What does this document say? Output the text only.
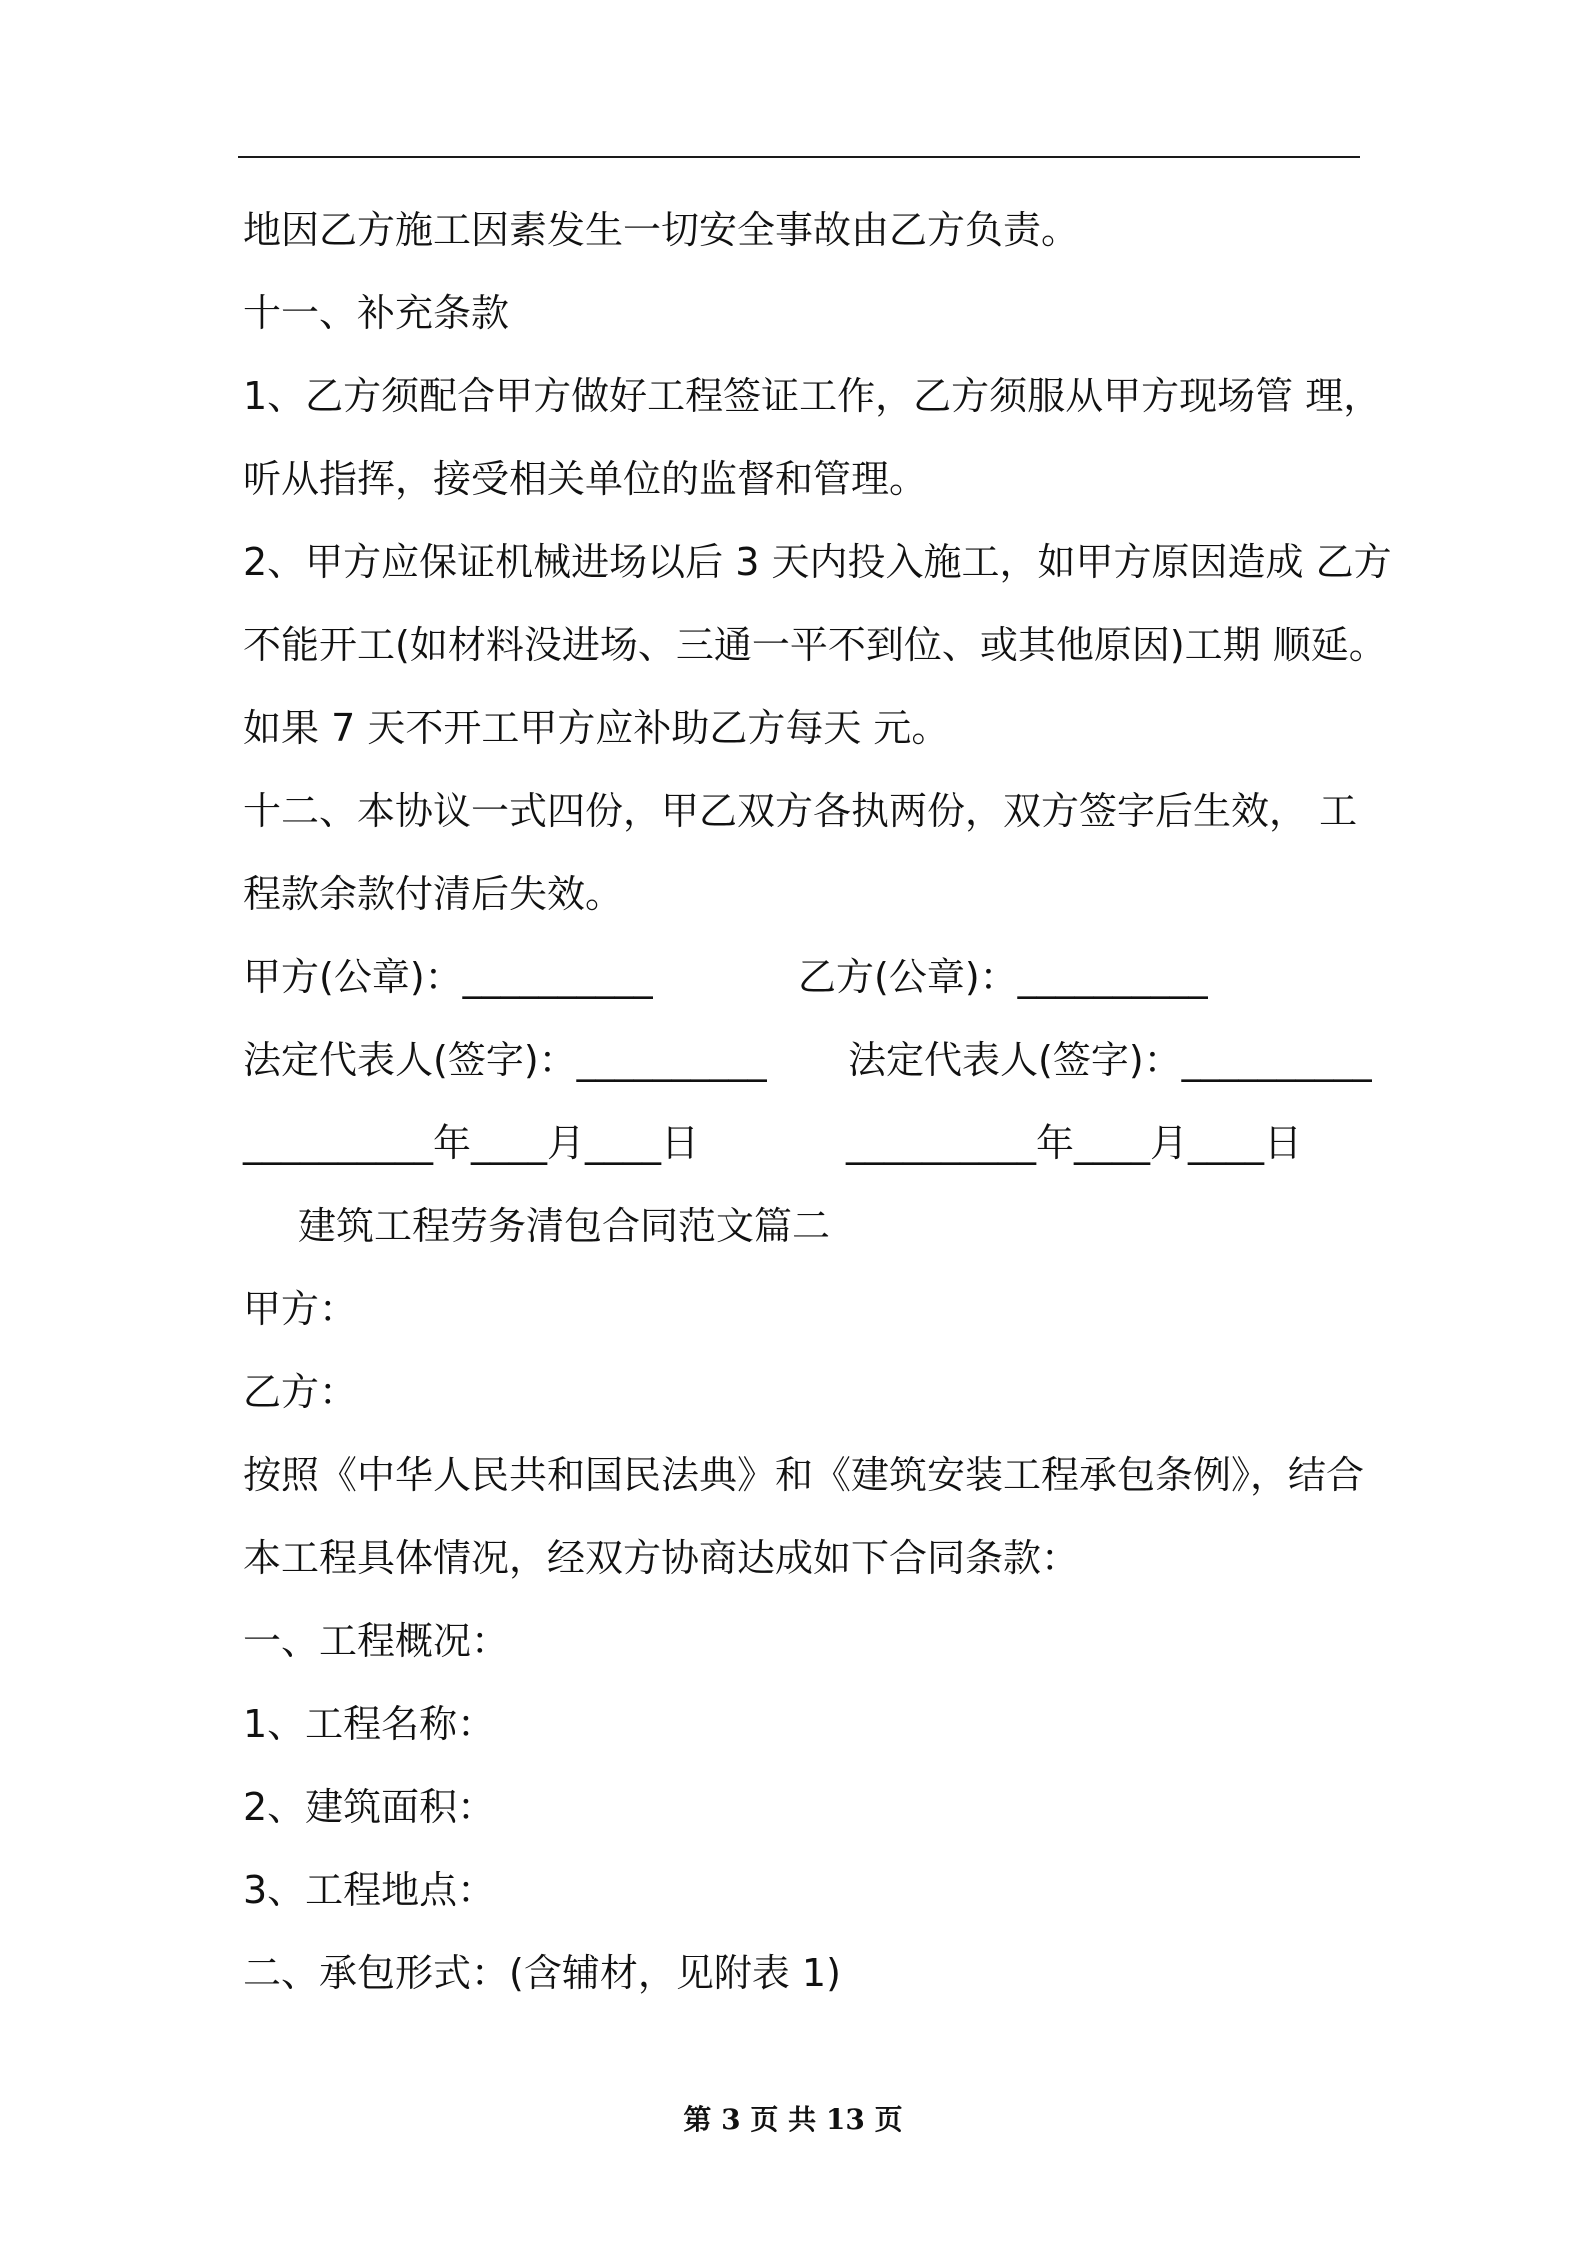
地因乙方施工因素发生一切安全事故由乙方负责。
十一、补充条款
1、乙方须配合甲方做好工程签证工作，乙方须服从甲方现场管 理，
听从指挥，接受相关单位的监督和管理。
2、甲方应保证机械进场以后 3 天内投入施工，如甲方原因造成 乙方
不能开工(如材料没进场、三通一平不到位、或其他原因)工期 顺延。
如果 7 天不开工甲方应补助乙方每天 元。
十二、本协议一式四份，甲乙双方各执两份，双方签字后生效， 工
程款余款付清后失效。
甲方(公章)：__________	乙方(公章)：__________
法定代表人(签字)：__________ 法定代表人(签字)：__________
__________年____月____日	__________年____月____日
建筑工程劳务清包合同范文篇二
甲方：
乙方：
按照《中华人民共和国民法典》和《建筑安装工程承包条例》，结合
本工程具体情况，经双方协商达成如下合同条款：
一、工程概况：
1、工程名称：
2、建筑面积：
3、工程地点：
二、承包形式：(含辅材，见附表 1)
第 3 页 共 13 页
